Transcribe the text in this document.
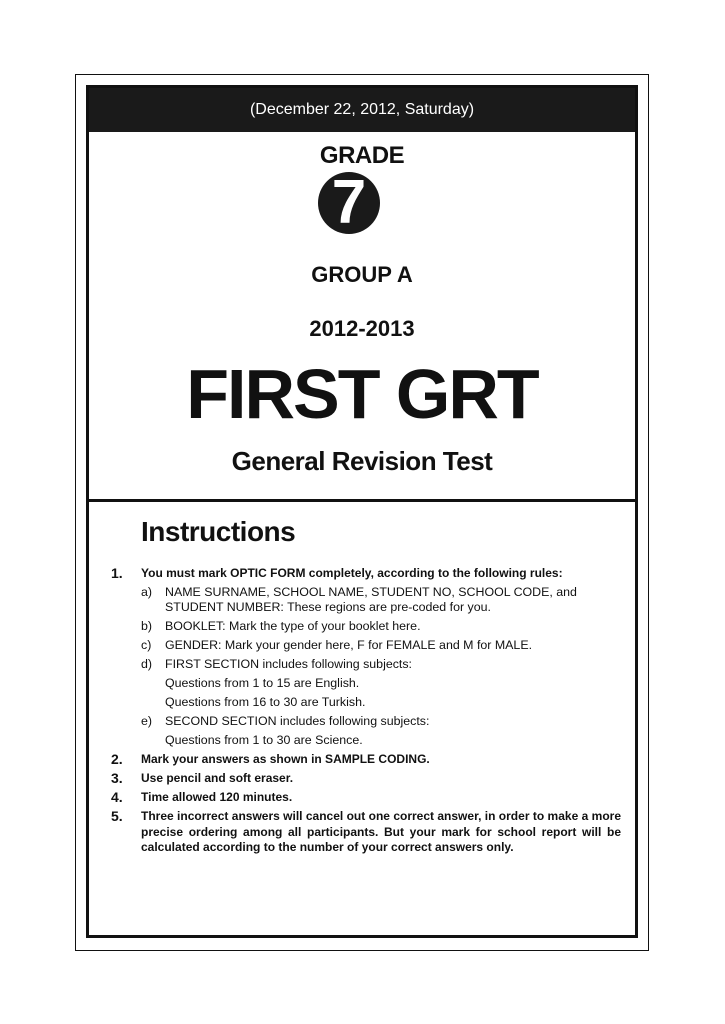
(December 22, 2012, Saturday)
GRADE
7
GROUP A
2012-2013
FIRST GRT
General Revision Test
Instructions
1. You must mark OPTIC FORM completely, according to the following rules:
a) NAME SURNAME, SCHOOL NAME, STUDENT NO, SCHOOL CODE, and STUDENT NUMBER: These regions are pre-coded for you.
b) BOOKLET: Mark the type of your booklet here.
c) GENDER: Mark your gender here, F for FEMALE and M for MALE.
d) FIRST SECTION includes following subjects:
Questions from 1 to 15 are English.
Questions from 16 to 30 are Turkish.
e) SECOND SECTION includes following subjects:
Questions from 1 to 30 are Science.
2. Mark your answers as shown in SAMPLE CODING.
3. Use pencil and soft eraser.
4. Time allowed 120 minutes.
5. Three incorrect answers will cancel out one correct answer, in order to make a more precise ordering among all participants. But your mark for school report will be calculated according to the number of your correct answers only.
